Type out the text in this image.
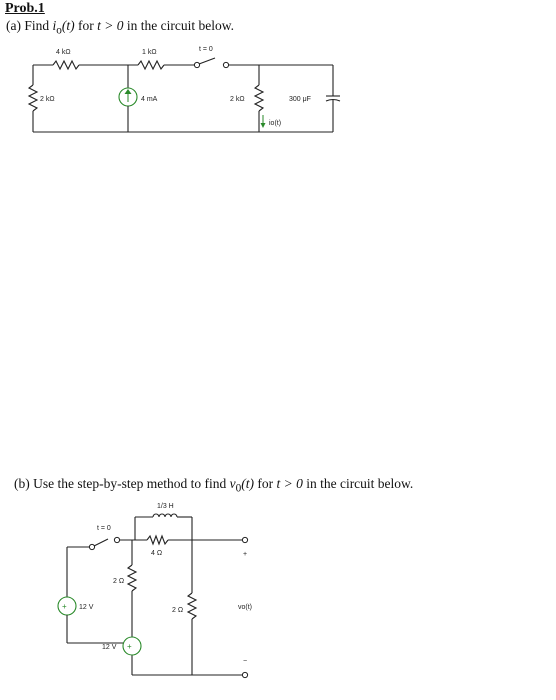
Prob.1
(a) Find $i_o(t)$ for t > 0 in the circuit below.
4 kΩ	1 kΩ	t = 0
2 kΩ	4 mA	2 kΩ	300 μF
io(t)
(b) Use the step-by-step method to find $v_0(t)$ for t > 0 in the circuit below.
+
+
1/3 H
t = 0
4 Ω
2 Ω
2 Ω
12 V
12 V
+
vo(t)
−
